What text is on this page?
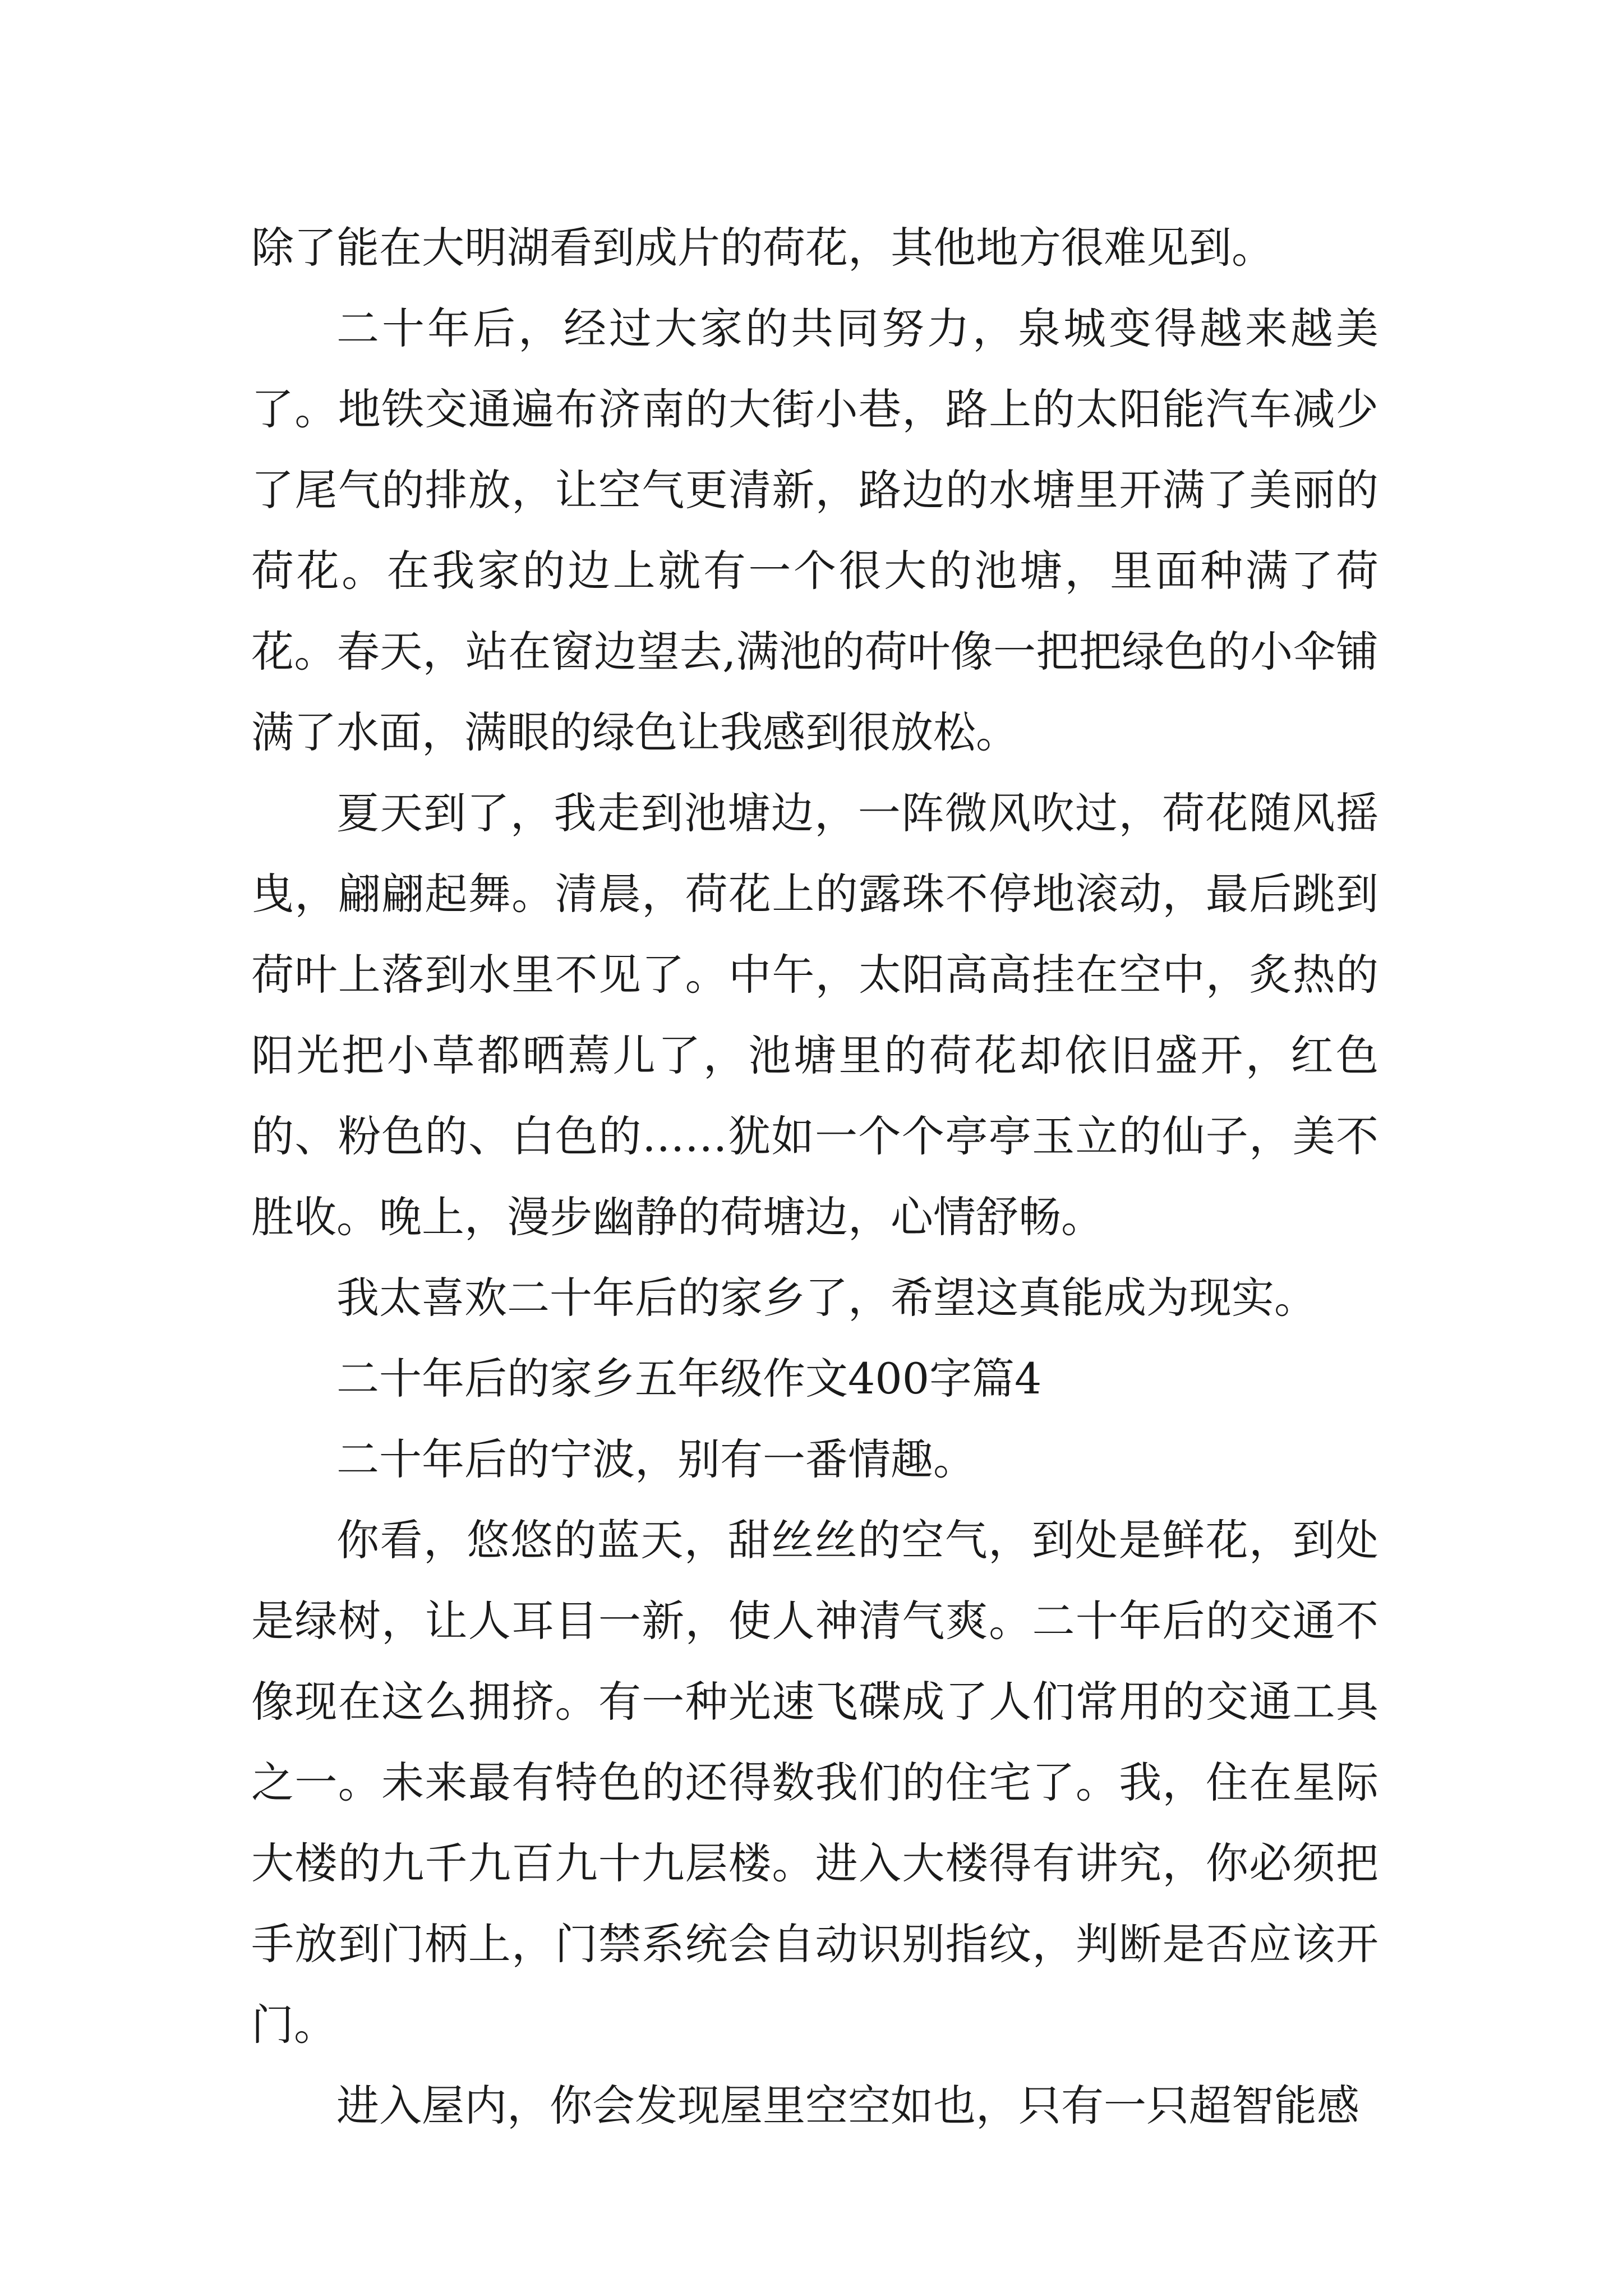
除了能在大明湖看到成片的荷花，其他地方很难见到。

二十年后，经过大家的共同努力，泉城变得越来越美了。地铁交通遍布济南的大街小巷，路上的太阳能汽车减少了尾气的排放，让空气更清新，路边的水塘里开满了美丽的荷花。在我家的边上就有一个很大的池塘，里面种满了荷花。春天，站在窗边望去,满池的荷叶像一把把绿色的小伞铺满了水面，满眼的绿色让我感到很放松。

夏天到了，我走到池塘边，一阵微风吹过，荷花随风摇曳，翩翩起舞。清晨，荷花上的露珠不停地滚动，最后跳到荷叶上落到水里不见了。中午，太阳高高挂在空中，炙热的阳光把小草都晒蔫儿了，池塘里的荷花却依旧盛开，红色的、粉色的、白色的……犹如一个个亭亭玉立的仙子，美不胜收。晚上，漫步幽静的荷塘边，心情舒畅。

我太喜欢二十年后的家乡了，希望这真能成为现实。

二十年后的家乡五年级作文400字篇4

二十年后的宁波，别有一番情趣。

你看，悠悠的蓝天，甜丝丝的空气，到处是鲜花，到处是绿树，让人耳目一新，使人神清气爽。二十年后的交通不像现在这么拥挤。有一种光速飞碟成了人们常用的交通工具之一。未来最有特色的还得数我们的住宅了。我，住在星际大楼的九千九百九十九层楼。进入大楼得有讲究，你必须把手放到门柄上，门禁系统会自动识别指纹，判断是否应该开门。

进入屋内，你会发现屋里空空如也，只有一只超智能感
